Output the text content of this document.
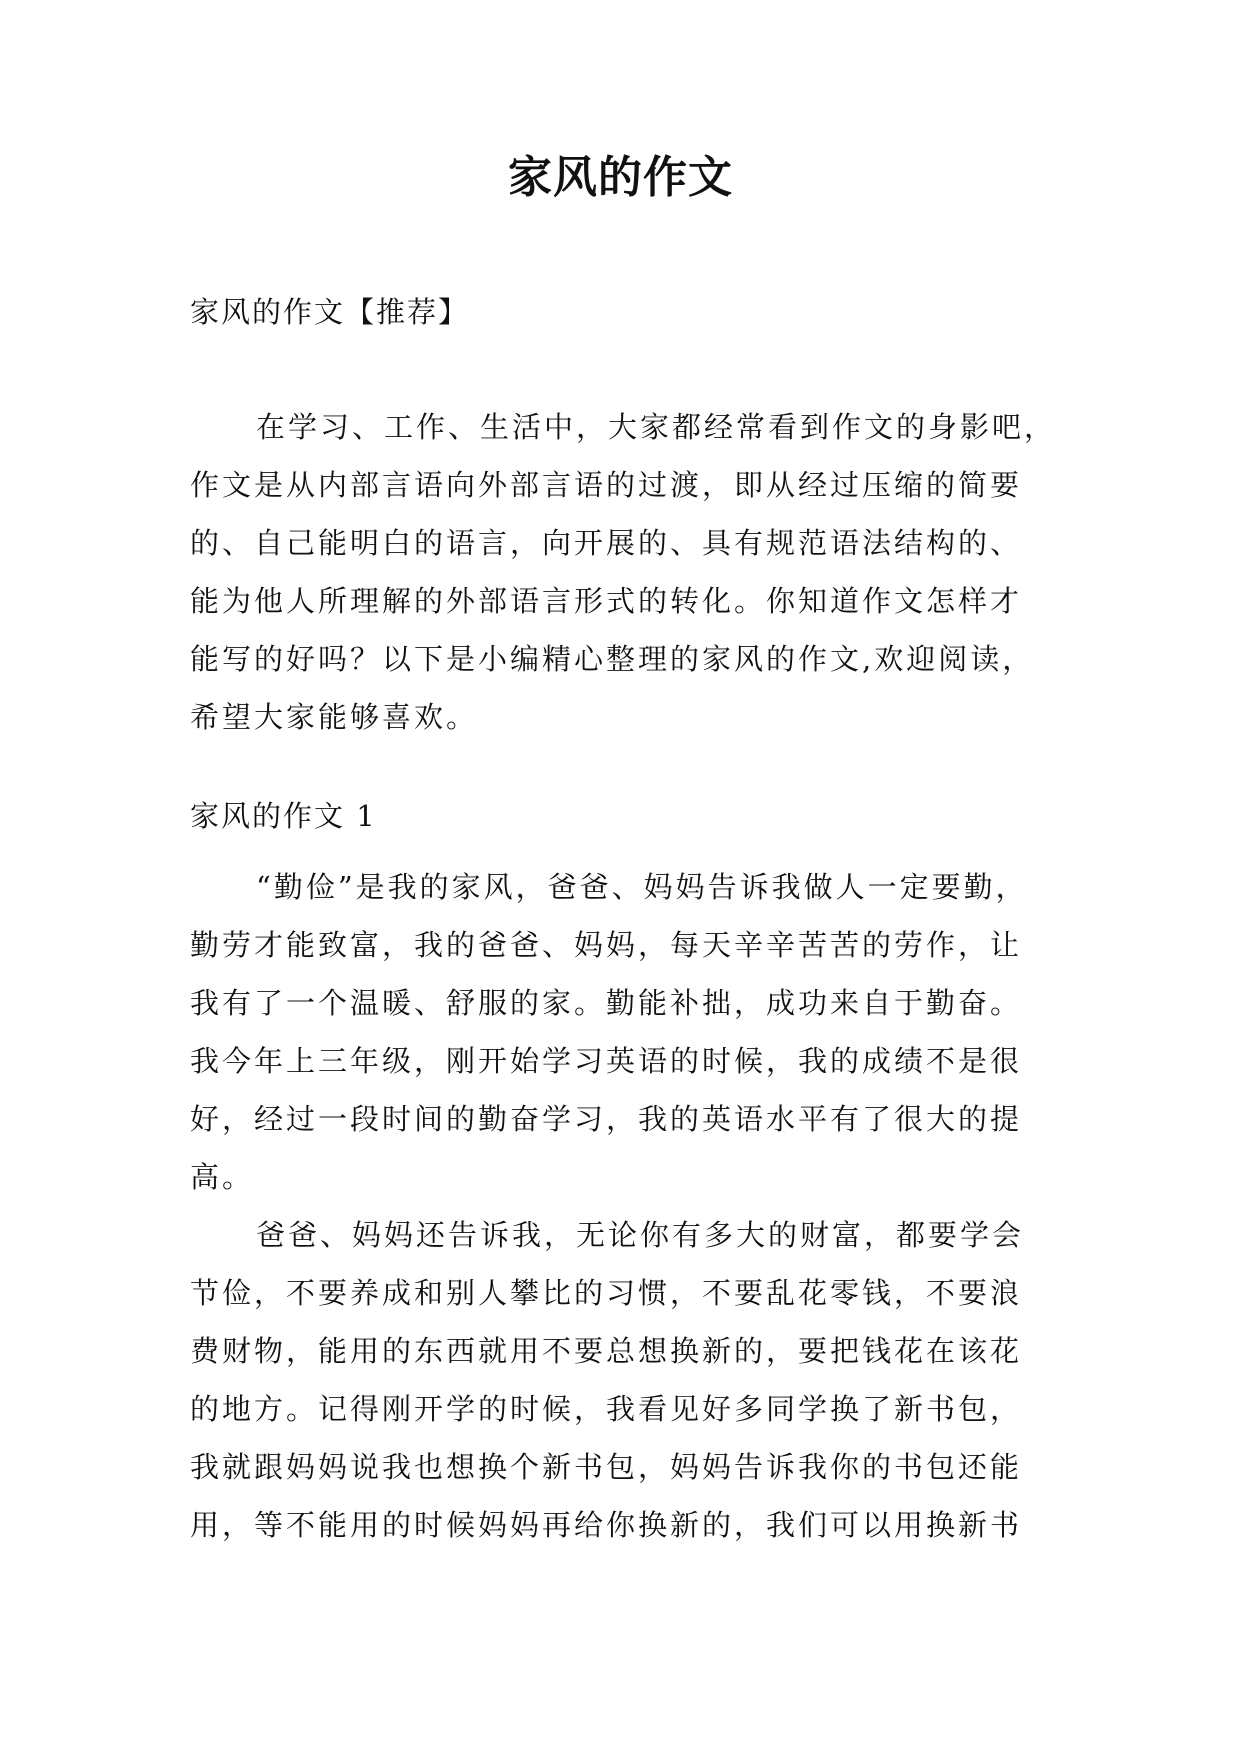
家风的作文
家风的作文【推荐】
在学习、工作、生活中，大家都经常看到作文的身影吧，
作文是从内部言语向外部言语的过渡，即从经过压缩的简要
的、自己能明白的语言，向开展的、具有规范语法结构的、
能为他人所理解的外部语言形式的转化。你知道作文怎样才
能写的好吗？以下是小编精心整理的家风的作文,欢迎阅读，
希望大家能够喜欢。
家风的作文 1
“勤俭”是我的家风，爸爸、妈妈告诉我做人一定要勤，
勤劳才能致富，我的爸爸、妈妈，每天辛辛苦苦的劳作，让
我有了一个温暖、舒服的家。勤能补拙，成功来自于勤奋。
我今年上三年级，刚开始学习英语的时候，我的成绩不是很
好，经过一段时间的勤奋学习，我的英语水平有了很大的提
高。
爸爸、妈妈还告诉我，无论你有多大的财富，都要学会
节俭，不要养成和别人攀比的习惯，不要乱花零钱，不要浪
费财物，能用的东西就用不要总想换新的，要把钱花在该花
的地方。记得刚开学的时候，我看见好多同学换了新书包，
我就跟妈妈说我也想换个新书包，妈妈告诉我你的书包还能
用，等不能用的时候妈妈再给你换新的，我们可以用换新书
